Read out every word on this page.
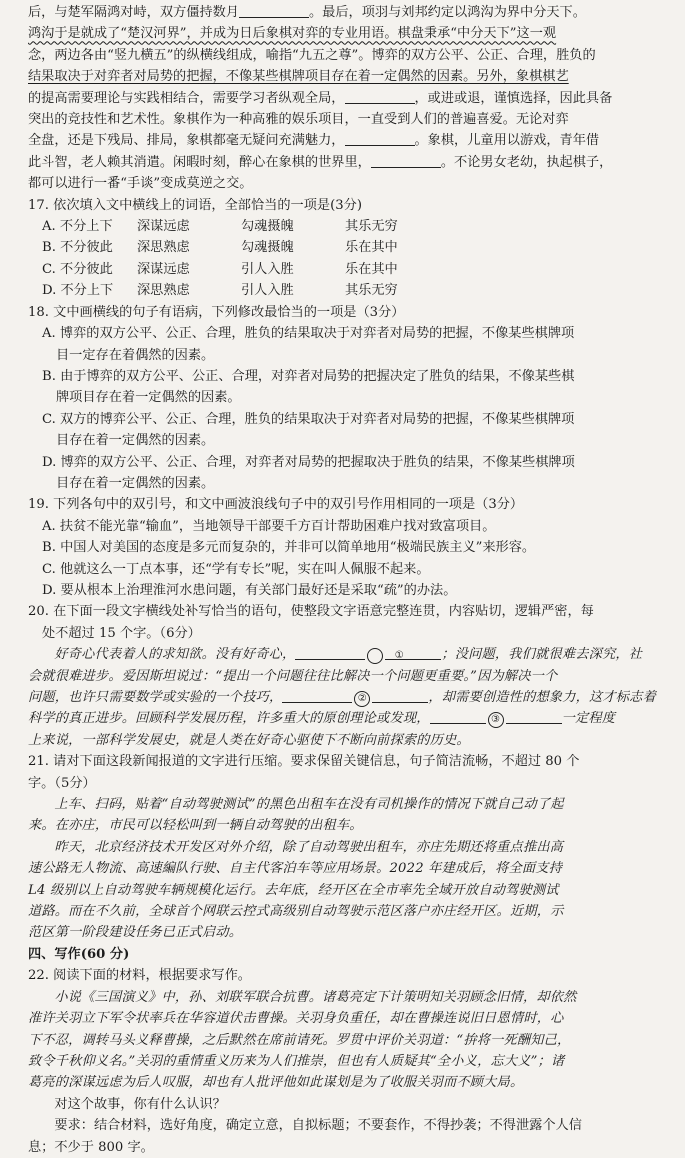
后，与楚军隔鸿对峙，双方僵持数月	。最后，项羽与刘邦约定以鸿沟为界中分天下。

鸿沟于是就成了“楚汉河界”，并成为日后象棋对弈的专业用语。棋盘秉承“中分天下”这一观

念，两边各由“竖九横五”的纵横线组成，喻指“九五之尊”。博弈的双方公平、公正、合理，胜负的

结果取决于对弈者对局势的把握，不像某些棋牌项目存在着一定偶然的因素。另外，象棋棋艺

的提高需要理论与实践相结合，需要学习者纵观全局，	，或进或退，谨慎选择，因此具备

突出的竞技性和艺术性。象棋作为一种高雅的娱乐项目，一直受到人们的普遍喜爱。无论对弈

全盘，还是下残局、排局，象棋都毫无疑问充满魅力，	。象棋，儿童用以游戏，青年借

此斗智，老人赖其消遣。闲暇时刻，醉心在象棋的世界里，	。不论男女老幼，执起棋子，

都可以进行一番“手谈”变成莫逆之交。

17. 依次填入文中横线上的词语，全部恰当的一项是(3分)

A. 不分上下	深谋远虑	勾魂摄魄	其乐无穷
B. 不分彼此	深思熟虑	勾魂摄魄	乐在其中
C. 不分彼此	深谋远虑	引人入胜	乐在其中
D. 不分上下	深思熟虑	引人入胜	其乐无穷

18. 文中画横线的句子有语病，下列修改最恰当的一项是（3分）

A. 博弈的双方公平、公正、合理，胜负的结果取决于对弈者对局势的把握，不像某些棋牌项

目一定存在着偶然的因素。

B. 由于博弈的双方公平、公正、合理，对弈者对局势的把握决定了胜负的结果，不像某些棋

牌项目存在着一定偶然的因素。

C. 双方的博弈公平、公正、合理，胜负的结果取决于对弈者对局势的把握，不像某些棋牌项

目存在着一定偶然的因素。

D. 博弈的双方公平、公正、合理，对弈者对局势的把握取决于胜负的结果，不像某些棋牌项

目存在着一定偶然的因素。

19. 下列各句中的双引号，和文中画波浪线句子中的双引号作用相同的一项是（3分）

A. 扶贫不能光靠“输血”，当地领导干部要千方百计帮助困难户找对致富项目。

B. 中国人对美国的态度是多元而复杂的，并非可以简单地用“极端民族主义”来形容。

C. 他就这么一丁点本事，还“学有专长”呢，实在叫人佩服不起来。

D. 要从根本上治理淮河水患问题，有关部门最好还是采取“疏”的办法。

20. 在下面一段文字横线处补写恰当的语句，使整段文字语意完整连贯，内容贴切，逻辑严密，每

处不超过 15 个字。（6分）

好奇心代表着人的求知欲。没有好奇心，	①	；没问题，我们就很难去深究，社

会就很难进步。爱因斯坦说过：“提出一个问题往往比解决一个问题更重要。”因为解决一个

问题，也许只需要数学或实验的一个技巧，	②	，却需要创造性的想象力，这才标志着

科学的真正进步。回顾科学发展历程，许多重大的原创理论或发现，	③	一定程度

上来说，一部科学发展史，就是人类在好奇心驱使下不断向前探索的历史。

21. 请对下面这段新闻报道的文字进行压缩。要求保留关键信息，句子简洁流畅，不超过 80 个

字。（5分）

上车、扫码，贴着“自动驾驶测试”的黑色出租车在没有司机操作的情况下就自己动了起

来。在亦庄，市民可以轻松叫到一辆自动驾驶的出租车。

昨天，北京经济技术开发区对外介绍，除了自动驾驶出租车，亦庄先期还将重点推出高

速公路无人物流、高速編队行驶、自主代客泊车等应用场景。2022 年建成后，将全面支持

L4 级别以上自动驾驶车辆规模化运行。去年底，经开区在全市率先全域开放自动驾驶测试

道路。而在不久前，全球首个网联云控式高级别自动驾驶示范区落户亦庄经开区。近期，示

范区第一阶段建设任务已正式启动。

四、写作(60 分)

22. 阅读下面的材料，根据要求写作。

小说《三国演义》中，孙、刘联军联合抗曹。诸葛亮定下计策明知关羽顾念旧情，却依然

准许关羽立下军令状率兵在华容道伏击曹操。关羽身负重任，却在曹操连说旧日恩情时，心

下不忍，调转马头义释曹操，之后默然在席前请死。罗贯中评价关羽道：“拚将一死酬知己，

致令千秋仰义名。”关羽的重情重义历来为人们推崇，但也有人质疑其“全小义，忘大义”；诸

葛亮的深谋远虑为后人叹服，却也有人批评他如此谋划是为了收服关羽而不顾大局。

对这个故事，你有什么认识？

要求：结合材料，选好角度，确定立意，自拟标题；不要套作，不得抄袭；不得泄露个人信

息；不少于 800 字。
